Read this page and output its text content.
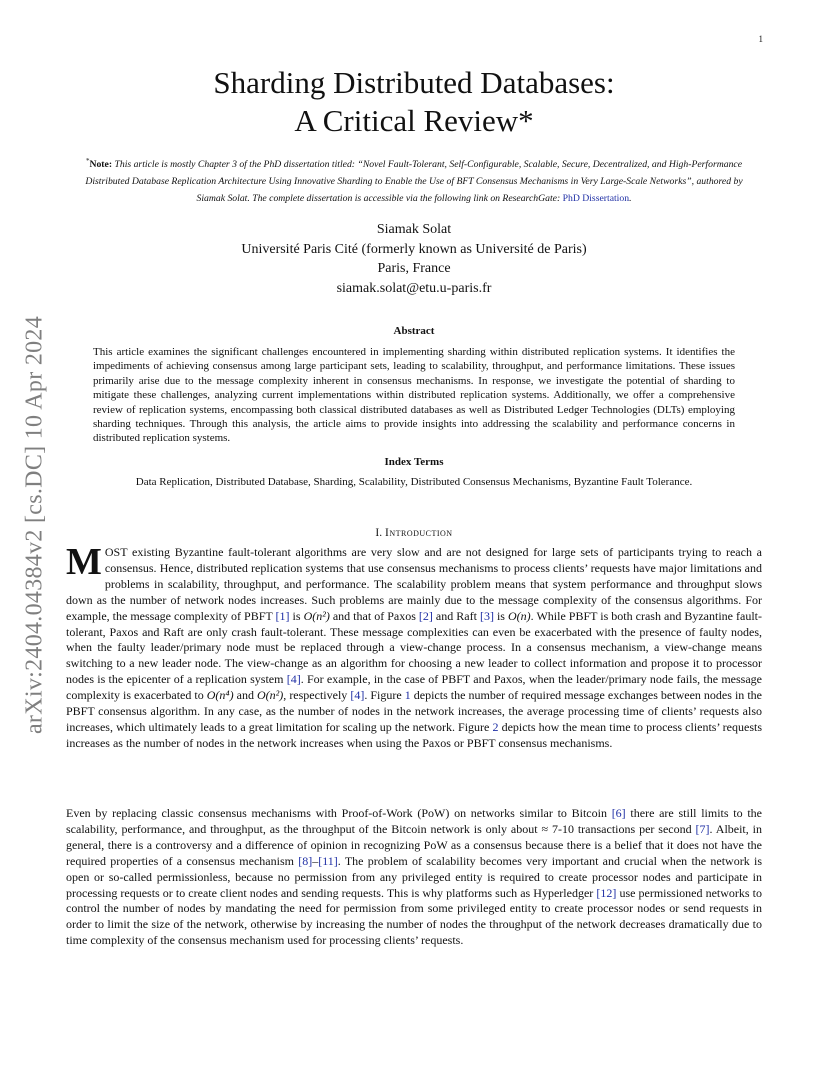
1
arXiv:2404.04384v2 [cs.DC] 10 Apr 2024
Sharding Distributed Databases:
A Critical Review*
*Note: This article is mostly Chapter 3 of the PhD dissertation titled: “Novel Fault-Tolerant, Self-Configurable, Scalable, Secure, Decentralized, and High-Performance Distributed Database Replication Architecture Using Innovative Sharding to Enable the Use of BFT Consensus Mechanisms in Very Large-Scale Networks”, authored by Siamak Solat. The complete dissertation is accessible via the following link on ResearchGate: PhD Dissertation.
Siamak Solat
Université Paris Cité (formerly known as Université de Paris)
Paris, France
siamak.solat@etu.u-paris.fr
Abstract
This article examines the significant challenges encountered in implementing sharding within distributed replication systems. It identifies the impediments of achieving consensus among large participant sets, leading to scalability, throughput, and performance limitations. These issues primarily arise due to the message complexity inherent in consensus mechanisms. In response, we investigate the potential of sharding to mitigate these challenges, analyzing current implementations within distributed replication systems. Additionally, we offer a comprehensive review of replication systems, encompassing both classical distributed databases as well as Distributed Ledger Technologies (DLTs) employing sharding techniques. Through this analysis, the article aims to provide insights into addressing the scalability and performance concerns in distributed replication systems.
Index Terms
Data Replication, Distributed Database, Sharding, Scalability, Distributed Consensus Mechanisms, Byzantine Fault Tolerance.
I. Introduction
MOST existing Byzantine fault-tolerant algorithms are very slow and are not designed for large sets of participants trying to reach a consensus. Hence, distributed replication systems that use consensus mechanisms to process clients’ requests have major limitations and problems in scalability, throughput, and performance. The scalability problem means that system performance and throughput slows down as the number of network nodes increases. Such problems are mainly due to the message complexity of the consensus algorithms. For example, the message complexity of PBFT [1] is O(n²) and that of Paxos [2] and Raft [3] is O(n). While PBFT is both crash and Byzantine fault-tolerant, Paxos and Raft are only crash fault-tolerant. These message complexities can even be exacerbated with the presence of faulty nodes, when the faulty leader/primary node must be replaced through a view-change process. In a consensus mechanism, a view-change means switching to a new leader node. The view-change as an algorithm for choosing a new leader to collect information and propose it to processor nodes is the epicenter of a replication system [4]. For example, in the case of PBFT and Paxos, when the leader/primary node fails, the message complexity is exacerbated to O(n⁴) and O(n²), respectively [4]. Figure 1 depicts the number of required message exchanges between nodes in the PBFT consensus algorithm. In any case, as the number of nodes in the network increases, the average processing time of clients’ requests also increases, which ultimately leads to a great limitation for scaling up the network. Figure 2 depicts how the mean time to process clients’ requests increases as the number of nodes in the network increases when using the Paxos or PBFT consensus mechanisms.
Even by replacing classic consensus mechanisms with Proof-of-Work (PoW) on networks similar to Bitcoin [6] there are still limits to the scalability, performance, and throughput, as the throughput of the Bitcoin network is only about ≈ 7-10 transactions per second [7]. Albeit, in general, there is a controversy and a difference of opinion in recognizing PoW as a consensus because there is a belief that it does not have the required properties of a consensus mechanism [8]–[11]. The problem of scalability becomes very important and crucial when the network is open or so-called permissionless, because no permission from any privileged entity is required to create processor nodes and participate in processing requests or to create client nodes and sending requests. This is why platforms such as Hyperledger [12] use permissioned networks to control the number of nodes by mandating the need for permission from some privileged entity to create processor nodes or send requests in order to limit the size of the network, otherwise by increasing the number of nodes the throughput of the network decreases dramatically due to time complexity of the consensus mechanism used for processing clients’ requests.
